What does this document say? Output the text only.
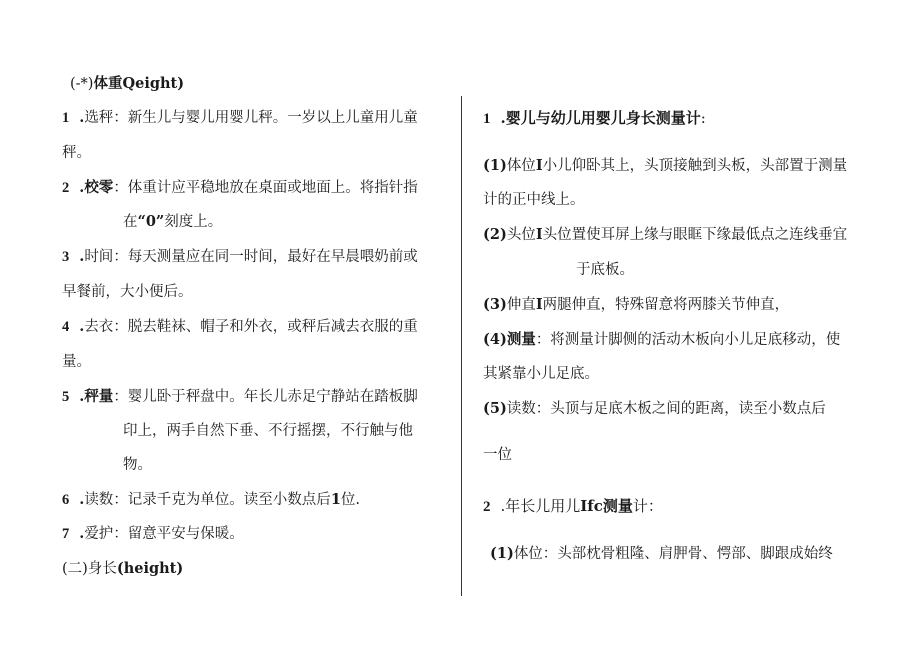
(-*)体重Qeight)
1 .选秤：新生儿与婴儿用婴儿秤。一岁以上儿童用儿童
秤。
2 .校零：体重计应平稳地放在桌面或地面上。将指针指
在“0”刻度上。
3 .时间：每天测量应在同一时间，最好在早晨喂奶前或
早餐前，大小便后。
4 .去衣：脱去鞋袜、帽子和外衣，或秤后减去衣服的重
量。
5 .秤量：婴儿卧于秤盘中。年长儿赤足宁静站在踏板脚
印上，两手自然下垂、不行摇摆，不行触与他
物。
6 .读数：记录千克为单位。读至小数点后1位.
7 .爱护：留意平安与保暖。
(二)身长(height)
1 .婴儿与幼儿用婴儿身长测量计:
(1)体位I小儿仰卧其上，头顶接触到头板，头部置于测量
计的正中线上。
(2)头位I头位置使耳屏上缘与眼眶下缘最低点之连线垂宜
于底板。
(3)伸直I两腿伸直，特殊留意将两膝关节伸直，
(4)测量：将测量计脚侧的活动木板向小儿足底移动，使
其紧靠小儿足底。
(5)读数：头顶与足底木板之间的距离，读至小数点后
一位
2 .年长儿用儿Ifc测量计：
(1)体位：头部枕骨粗隆、肩胛骨、愕部、脚跟成始终
